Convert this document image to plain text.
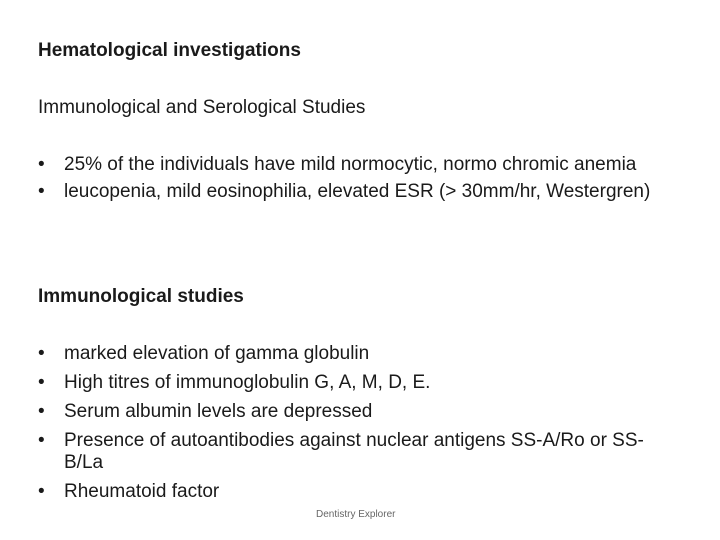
Hematological investigations

Immunological and Serological Studies

• 25% of the individuals have mild normocytic, normo chromic anemia
• leucopenia, mild eosinophilia, elevated ESR (> 30mm/hr, Westergren)
Immunological studies
• marked elevation of gamma globulin
• High titres of immunoglobulin G, A, M, D, E.
• Serum albumin levels are depressed
• Presence of autoantibodies against nuclear antigens SS-A/Ro or SS-B/La
• Rheumatoid factor
Dentistry Explorer
